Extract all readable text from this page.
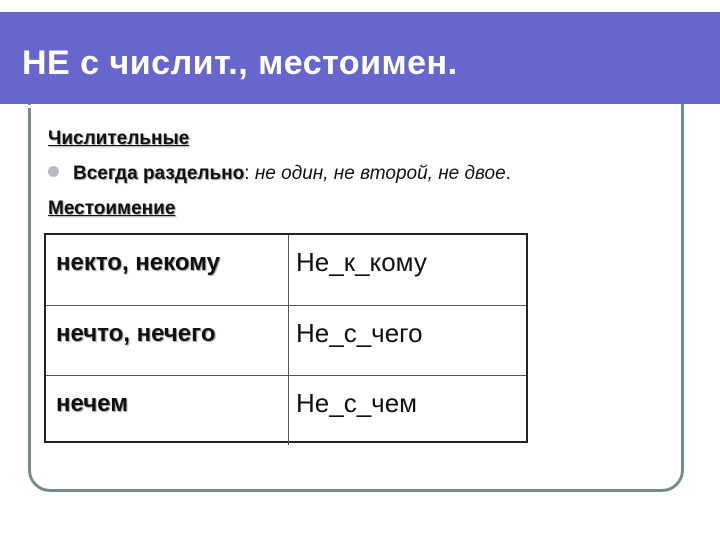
НЕ с числит., местоимен.
Числительные
Всегда раздельно: не один, не второй, не двое.
Местоимение
некто, некому	Не_к_кому
нечто, нечего	Не_с_чего
нечем	Не_с_чем
